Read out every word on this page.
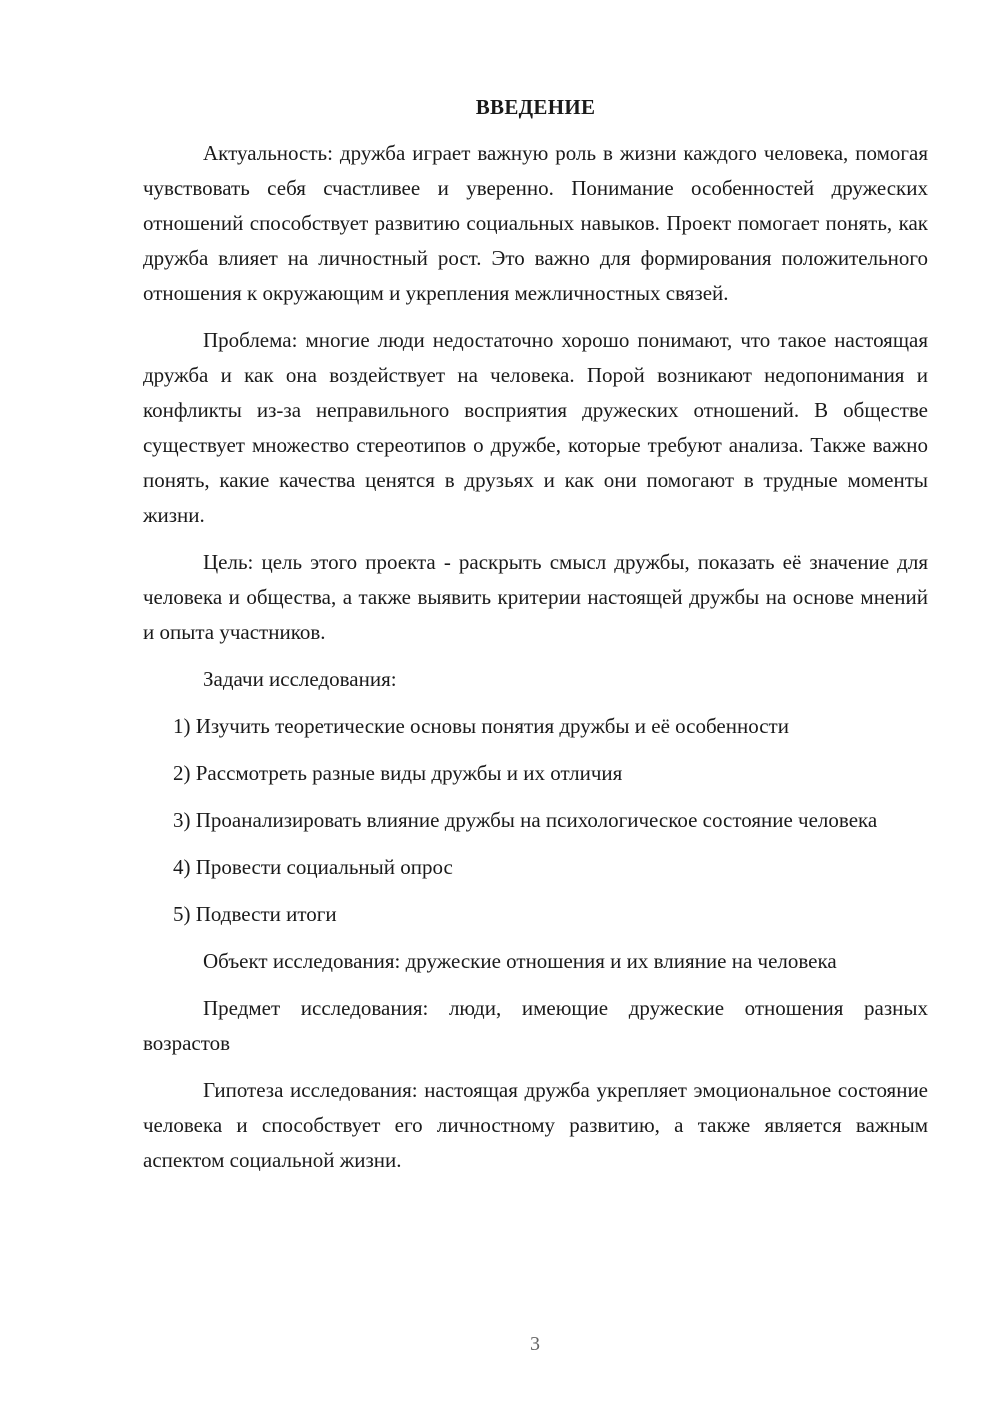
ВВЕДЕНИЕ

Актуальность: дружба играет важную роль в жизни каждого человека, помогая чувствовать себя счастливее и уверенно. Понимание особенностей дружеских отношений способствует развитию социальных навыков. Проект помогает понять, как дружба влияет на личностный рост. Это важно для формирования положительного отношения к окружающим и укрепления межличностных связей.

Проблема: многие люди недостаточно хорошо понимают, что такое настоящая дружба и как она воздействует на человека. Порой возникают недопонимания и конфликты из-за неправильного восприятия дружеских отношений. В обществе существует множество стереотипов о дружбе, которые требуют анализа. Также важно понять, какие качества ценятся в друзьях и как они помогают в трудные моменты жизни.

Цель: цель этого проекта - раскрыть смысл дружбы, показать её значение для человека и общества, а также выявить критерии настоящей дружбы на основе мнений и опыта участников.

Задачи исследования:

1) Изучить теоретические основы понятия дружбы и её особенности

2) Рассмотреть разные виды дружбы и их отличия

3) Проанализировать влияние дружбы на психологическое состояние человека

4) Провести социальный опрос

5) Подвести итоги

Объект исследования: дружеские отношения и их влияние на человека

Предмет исследования: люди, имеющие дружеские отношения разных возрастов

Гипотеза исследования: настоящая дружба укрепляет эмоциональное состояние человека и способствует его личностному развитию, а также является важным аспектом социальной жизни.

3
